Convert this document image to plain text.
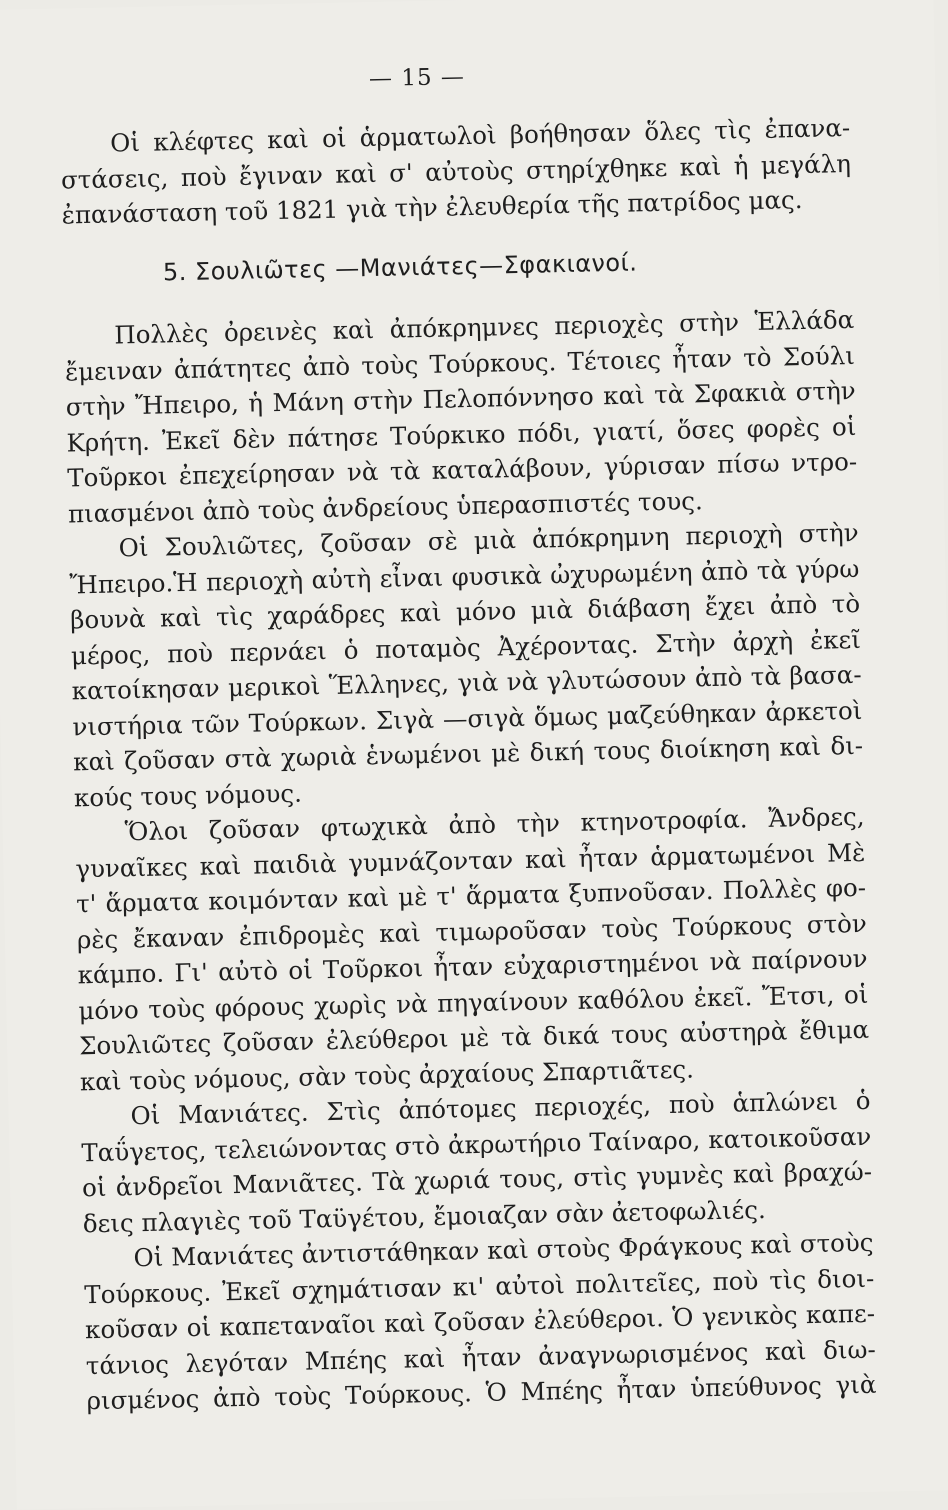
— 15 —
Οἱ κλέφτες καὶ οἱ ἁρματωλοὶ βοήθησαν ὅλες τὶς ἐπανα-
στάσεις, ποὺ ἔγιναν καὶ σ' αὐτοὺς στηρίχθηκε καὶ ἡ μεγάλη
ἐπανάσταση τοῦ 1821 γιὰ τὴν ἐλευθερία τῆς πατρίδος μας.
5. Σουλιῶτες —Μανιάτες—Σφακιανοί.
Πολλὲς ὀρεινὲς καὶ ἀπόκρημνες περιοχὲς στὴν Ἑλλάδα
ἔμειναν ἀπάτητες ἀπὸ τοὺς Τούρκους. Τέτοιες ἦταν τὸ Σούλι
στὴν Ἤπειρο, ἡ Μάνη στὴν Πελοπόννησο καὶ τὰ Σφακιὰ στὴν
Κρήτη. Ἐκεῖ δὲν πάτησε Τούρκικο πόδι, γιατί, ὅσες φορὲς οἱ
Τοῦρκοι ἐπεχείρησαν νὰ τὰ καταλάβουν, γύρισαν πίσω ντρο-
πιασμένοι ἀπὸ τοὺς ἀνδρείους ὑπερασπιστές τους.
Οἱ Σουλιῶτες, ζοῦσαν σὲ μιὰ ἀπόκρημνη περιοχὴ στὴν
Ἤπειρο.Ἡ περιοχὴ αὐτὴ εἶναι φυσικὰ ὠχυρωμένη ἀπὸ τὰ γύρω
βουνὰ καὶ τὶς χαράδρες καὶ μόνο μιὰ διάβαση ἔχει ἀπὸ τὸ
μέρος, ποὺ περνάει ὁ ποταμὸς Ἀχέροντας. Στὴν ἀρχὴ ἐκεῖ
κατοίκησαν μερικοὶ Ἕλληνες, γιὰ νὰ γλυτώσουν ἀπὸ τὰ βασα-
νιστήρια τῶν Τούρκων. Σιγὰ —σιγὰ ὅμως μαζεύθηκαν ἀρκετοὶ
καὶ ζοῦσαν στὰ χωριὰ ἑνωμένοι μὲ δική τους διοίκηση καὶ δι-
κούς τους νόμους.
Ὅλοι ζοῦσαν φτωχικὰ ἀπὸ τὴν κτηνοτροφία. Ἄνδρες,
γυναῖκες καὶ παιδιὰ γυμνάζονταν καὶ ἦταν ἁρματωμένοι Μὲ
τ' ἅρματα κοιμόνταν καὶ μὲ τ' ἅρματα ξυπνοῦσαν. Πολλὲς φο-
ρὲς ἔκαναν ἐπιδρομὲς καὶ τιμωροῦσαν τοὺς Τούρκους στὸν
κάμπο. Γι' αὐτὸ οἱ Τοῦρκοι ἦταν εὐχαριστημένοι νὰ παίρνουν
μόνο τοὺς φόρους χωρὶς νὰ πηγαίνουν καθόλου ἐκεῖ. Ἔτσι, οἱ
Σουλιῶτες ζοῦσαν ἐλεύθεροι μὲ τὰ δικά τους αὐστηρὰ ἔθιμα
καὶ τοὺς νόμους, σὰν τοὺς ἀρχαίους Σπαρτιᾶτες.
Οἱ Μανιάτες. Στὶς ἀπότομες περιοχές, ποὺ ἁπλώνει ὁ
Ταΰγετος, τελειώνοντας στὸ ἀκρωτήριο Ταίναρο, κατοικοῦσαν
οἱ ἀνδρεῖοι Μανιᾶτες. Τὰ χωριά τους, στὶς γυμνὲς καὶ βραχώ-
δεις πλαγιὲς τοῦ Ταϋγέτου, ἔμοιαζαν σὰν ἀετοφωλιές.
Οἱ Μανιάτες ἀντιστάθηκαν καὶ στοὺς Φράγκους καὶ στοὺς
Τούρκους. Ἐκεῖ σχημάτισαν κι' αὐτοὶ πολιτεῖες, ποὺ τὶς διοι-
κοῦσαν οἱ καπεταναῖοι καὶ ζοῦσαν ἐλεύθεροι. Ὁ γενικὸς καπε-
τάνιος λεγόταν Μπέης καὶ ἦταν ἀναγνωρισμένος καὶ διω-
ρισμένος ἀπὸ τοὺς Τούρκους. Ὁ Μπέης ἦταν ὑπεύθυνος γιὰ
